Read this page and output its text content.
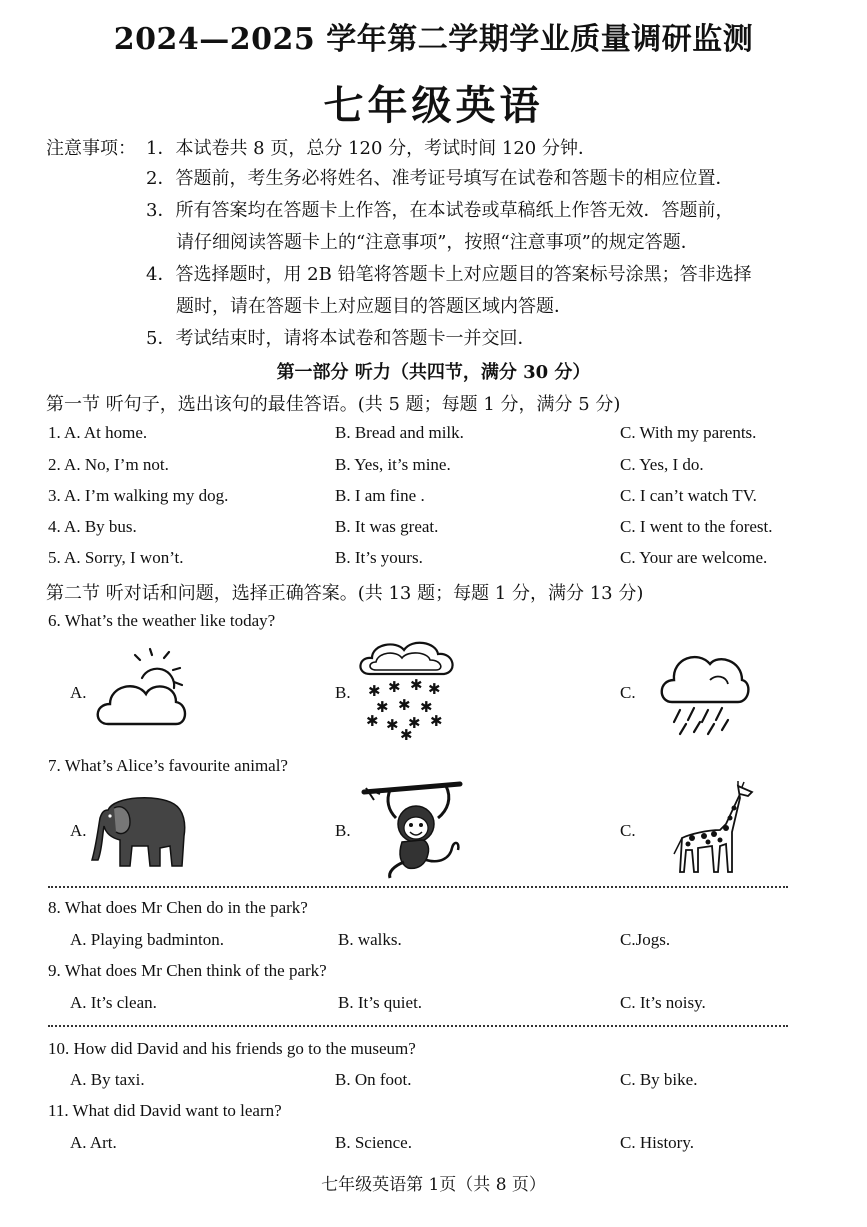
2024—2025 学年第二学期学业质量调研监测
七年级英语
注意事项： 1．本试卷共 8 页，总分 120 分，考试时间 120 分钟．
2．答题前，考生务必将姓名、准考证号填写在试卷和答题卡的相应位置．
3．所有答案均在答题卡上作答，在本试卷或草稿纸上作答无效．答题前，
请仔细阅读答题卡上的“注意事项”，按照“注意事项”的规定答题．
4．答选择题时，用 2B 铅笔将答题卡上对应题目的答案标号涂黑；答非选择
题时，请在答题卡上对应题目的答题区域内答题．
5．考试结束时，请将本试卷和答题卡一并交回．
第一部分 听力（共四节，满分 30 分）
第一节 听句子，选出该句的最佳答语。(共 5 题；每题 1 分，满分 5 分)
1. A. At home.	B. Bread and milk.	C. With my parents.
2. A. No, I’m not.	B. Yes, it’s mine.	C. Yes, I do.
3. A. I’m walking my dog.	B. I am fine .	C. I can’t watch TV.
4. A. By bus.	B. It was great.	C. I went to the forest.
5. A. Sorry, I won’t.	B. It’s yours.	C. Your are welcome.
第二节 听对话和问题，选择正确答案。(共 13 题；每题 1 分，满分 13 分)
6. What’s the weather like today?
A.	B.	C.
✱ ✱ ✱ ✱
✱ ✱ ✱
✱ ✱ ✱ ✱
✱
7. What’s Alice’s favourite animal?
A.	B.	C.
8. What does Mr Chen do in the park?
A. Playing badminton.	B. walks.	C.Jogs.
9. What does Mr Chen think of the park?
A. It’s clean.	B. It’s quiet.	C. It’s noisy.
10. How did David and his friends go to the museum?
A. By taxi.	B. On foot.	C. By bike.
11. What did David want to learn?
A. Art.	B. Science.	C. History.
七年级英语第 1页（共 8 页）
